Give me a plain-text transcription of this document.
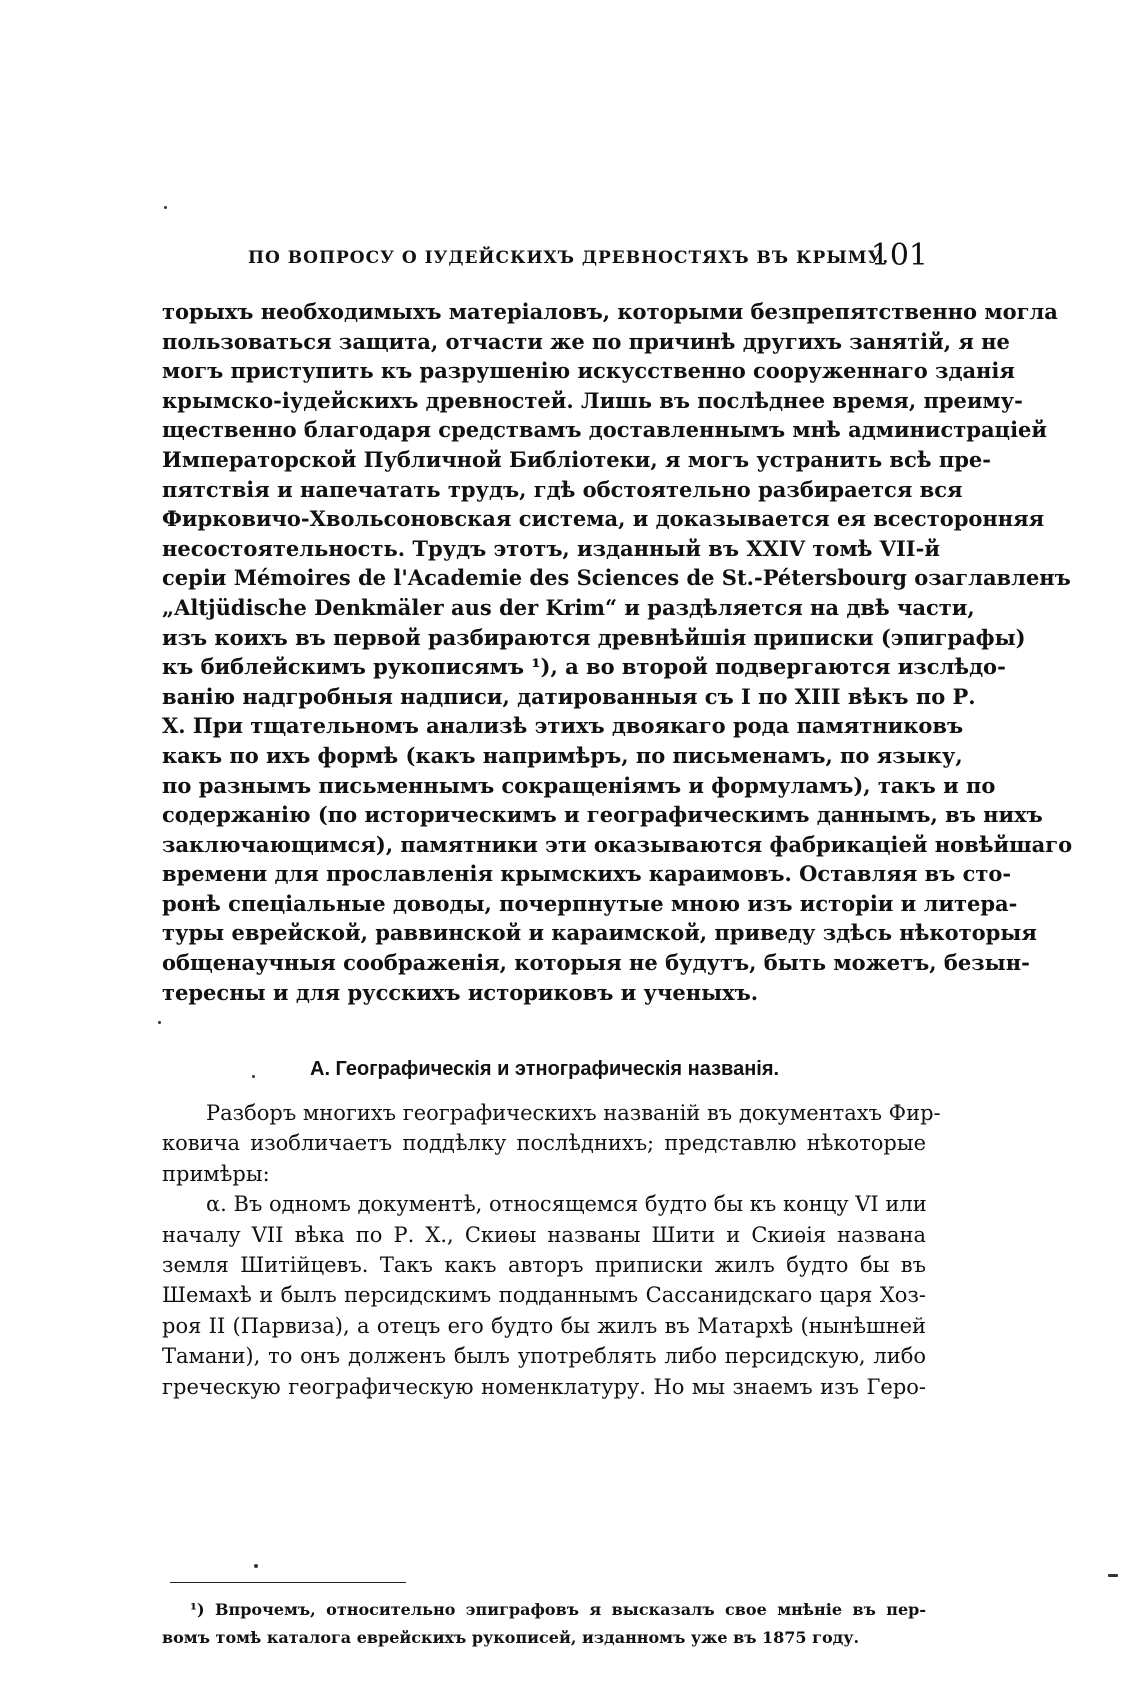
ПО ВОПРОСУ О ІУДЕЙСКИХЪ ДРЕВНОСТЯХЪ ВЪ КРЫМУ.
101
торыхъ необходимыхъ матеріаловъ, которыми безпрепятственно могла
пользоваться защита, отчасти же по причинѣ другихъ занятій, я не
могъ приступить къ разрушенію искусственно сооруженнаго зданія
крымско-іудейскихъ древностей. Лишь въ послѣднее время, преиму-
щественно благодаря средствамъ доставленнымъ мнѣ администраціей
Императорской Публичной Библіотеки, я могъ устранить всѣ пре-
пятствія и напечатать трудъ, гдѣ обстоятельно разбирается вся
Фирковичо-Хвольсоновская система, и доказывается ея всесторонняя
несостоятельность. Трудъ этотъ, изданный въ XXIV томѣ VII-й
серіи Mémoires de l'Academie des Sciences de St.-Pétersbourg озаглавленъ
„Altjüdische Denkmäler aus der Krim“ и раздѣляется на двѣ части,
изъ коихъ въ первой разбираются древнѣйшія приписки (эпиграфы)
къ библейскимъ рукописямъ ¹), а во второй подвергаются изслѣдо-
ванію надгробныя надписи, датированныя съ I по XIII вѣкъ по Р.
Х. При тщательномъ анализѣ этихъ двоякаго рода памятниковъ
какъ по ихъ формѣ (какъ напримѣръ, по письменамъ, по языку,
по разнымъ письменнымъ сокращеніямъ и формуламъ), такъ и по
содержанію (по историческимъ и географическимъ даннымъ, въ нихъ
заключающимся), памятники эти оказываются фабрикаціей новѣйшаго
времени для прославленія крымскихъ караимовъ. Оставляя въ сто-
ронѣ спеціальные доводы, почерпнутые мною изъ исторіи и литера-
туры еврейской, раввинской и караимской, приведу здѣсь нѣкоторыя
общенаучныя соображенія, которыя не будутъ, быть можетъ, безын-
тересны и для русскихъ историковъ и ученыхъ.
А. Географическія и этнографическія названія.
Разборъ многихъ географическихъ названій въ документахъ Фир-
ковича изобличаетъ поддѣлку послѣднихъ; представлю нѣкоторые
примѣры:
α. Въ одномъ документѣ, относящемся будто бы къ концу VI или
началу VII вѣка по Р. Х., Скиѳы названы Шити и Скиѳія названа
земля Шитійцевъ. Такъ какъ авторъ приписки жилъ будто бы въ
Шемахѣ и былъ персидскимъ подданнымъ Сассанидскаго царя Хоз-
роя II (Парвиза), а отецъ его будто бы жилъ въ Матархѣ (нынѣшней
Тамани), то онъ долженъ былъ употреблять либо персидскую, либо
греческую географическую номенклатуру. Но мы знаемъ изъ Геро-
¹) Впрочемъ, относительно эпиграфовъ я высказалъ свое мнѣніе въ пер-
вомъ томѣ каталога еврейскихъ рукописей, изданномъ уже въ 1875 году.
